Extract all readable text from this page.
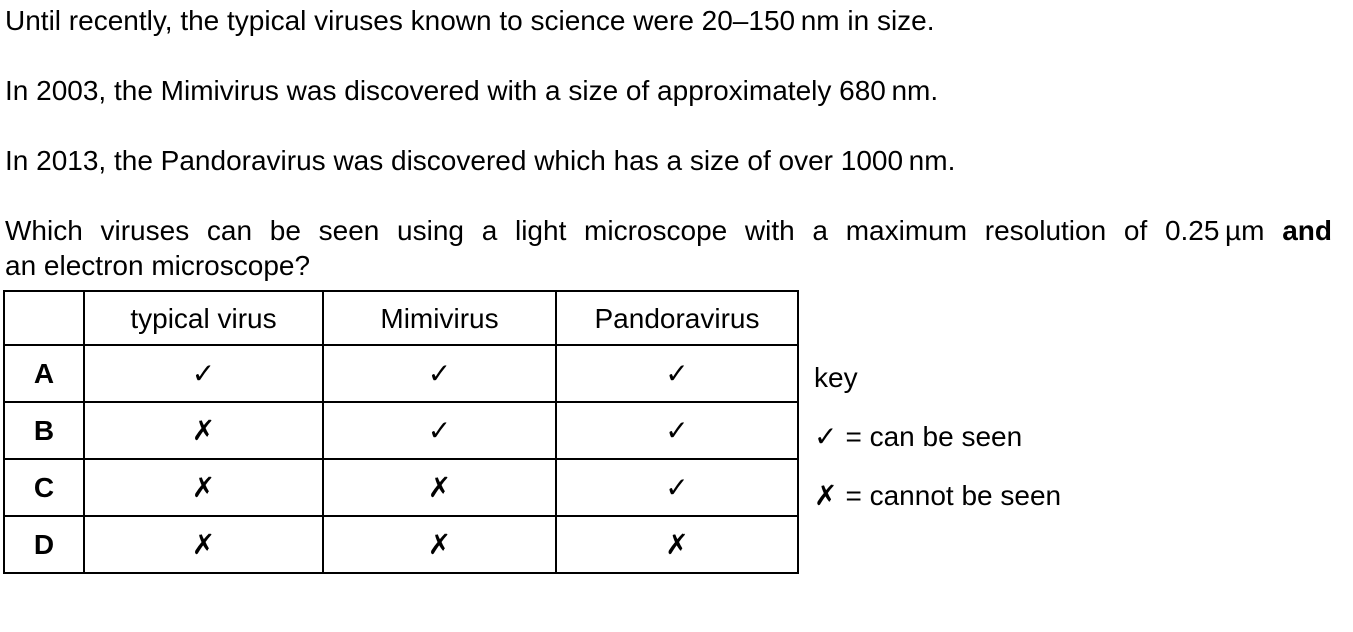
Until recently, the typical viruses known to science were 20–150 nm in size.

In 2003, the Mimivirus was discovered with a size of approximately 680 nm.

In 2013, the Pandoravirus was discovered which has a size of over 1000 nm.

Which viruses can be seen using a light microscope with a maximum resolution of 0.25 µm and
an electron microscope?

	typical virus	Mimivirus	Pandoravirus
A	✓	✓	✓
B	✗	✓	✓
C	✗	✗	✓
D	✗	✗	✗
key
✓ = can be seen
✗ = cannot be seen
